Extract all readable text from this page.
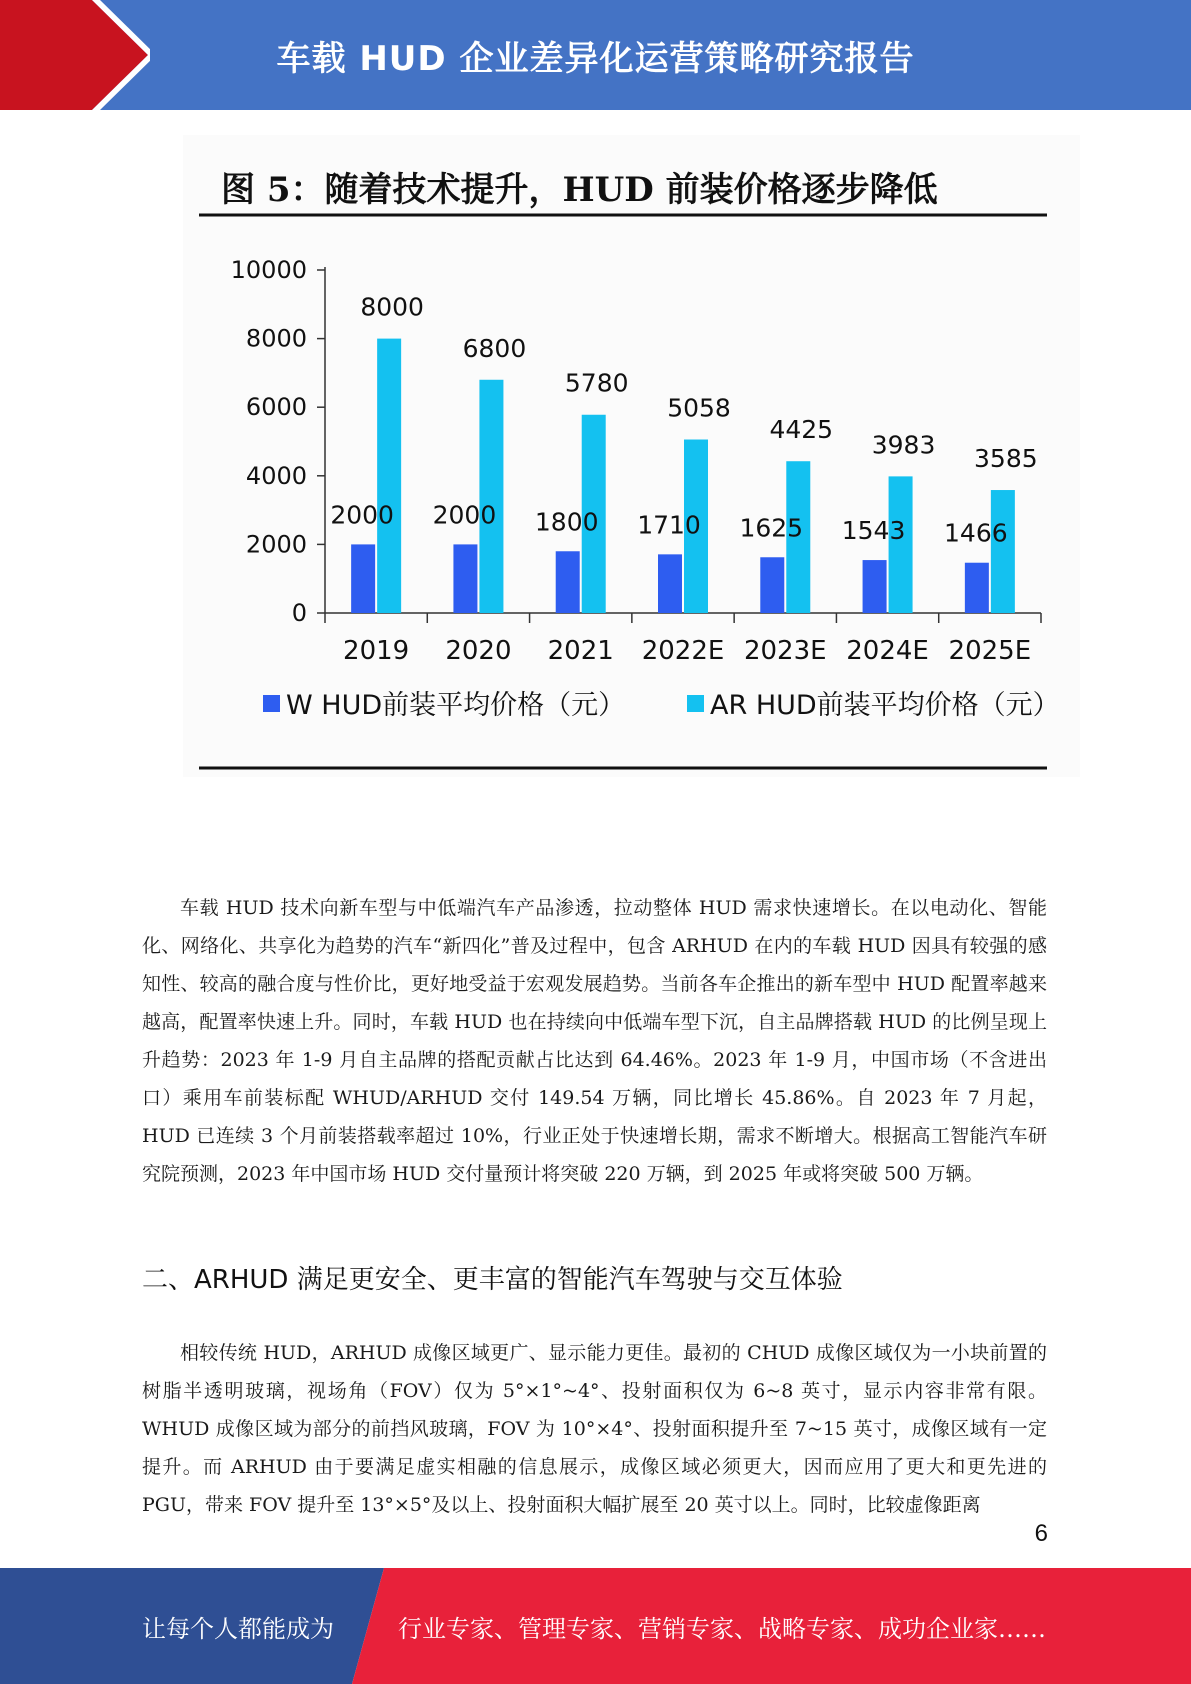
车载 HUD 企业差异化运营策略研究报告
图 5：随着技术提升，HUD 前装价格逐步降低
0
2000
4000
6000
8000
10000
2019 2020 2021 2022E 2023E 2024E 2025E
2000 2000 1800 1710 1625 1543 1466
8000
6800
5780
5058
4425
3983 3585
W HUD前装平均价格（元）	AR HUD前装平均价格（元）

车载 HUD 技术向新车型与中低端汽车产品渗透，拉动整体 HUD 需求快速增长。在以电动化、智能化、网络化、共享化为趋势的汽车“新四化”普及过程中，包含 ARHUD 在内的车载 HUD 因具有较强的感知性、较高的融合度与性价比，更好地受益于宏观发展趋势。当前各车企推出的新车型中 HUD 配置率越来越高，配置率快速上升。同时，车载 HUD 也在持续向中低端车型下沉，自主品牌搭载 HUD 的比例呈现上升趋势：2023 年 1-9 月自主品牌的搭配贡献占比达到 64.46%。2023 年 1-9 月，中国市场（不含进出口）乘用车前装标配 WHUD/ARHUD 交付 149.54 万辆，同比增长 45.86%。自 2023 年 7 月起，HUD 已连续 3 个月前装搭载率超过 10%，行业正处于快速增长期，需求不断增大。根据高工智能汽车研究院预测，2023 年中国市场 HUD 交付量预计将突破 220 万辆，到 2025 年或将突破 500 万辆。

二、ARHUD 满足更安全、更丰富的智能汽车驾驶与交互体验

相较传统 HUD，ARHUD 成像区域更广、显示能力更佳。最初的 CHUD 成像区域仅为一小块前置的树脂半透明玻璃，视场角（FOV）仅为 5°×1°~4°、投射面积仅为 6~8 英寸，显示内容非常有限。WHUD 成像区域为部分的前挡风玻璃，FOV 为 10°×4°、投射面积提升至 7~15 英寸，成像区域有一定提升。而 ARHUD 由于要满足虚实相融的信息展示，成像区域必须更大，因而应用了更大和更先进的 PGU，带来 FOV 提升至 13°×5°及以上、投射面积大幅扩展至 20 英寸以上。同时，比较虚像距离

6
让每个人都能成为	行业专家、管理专家、营销专家、战略专家、成功企业家……
